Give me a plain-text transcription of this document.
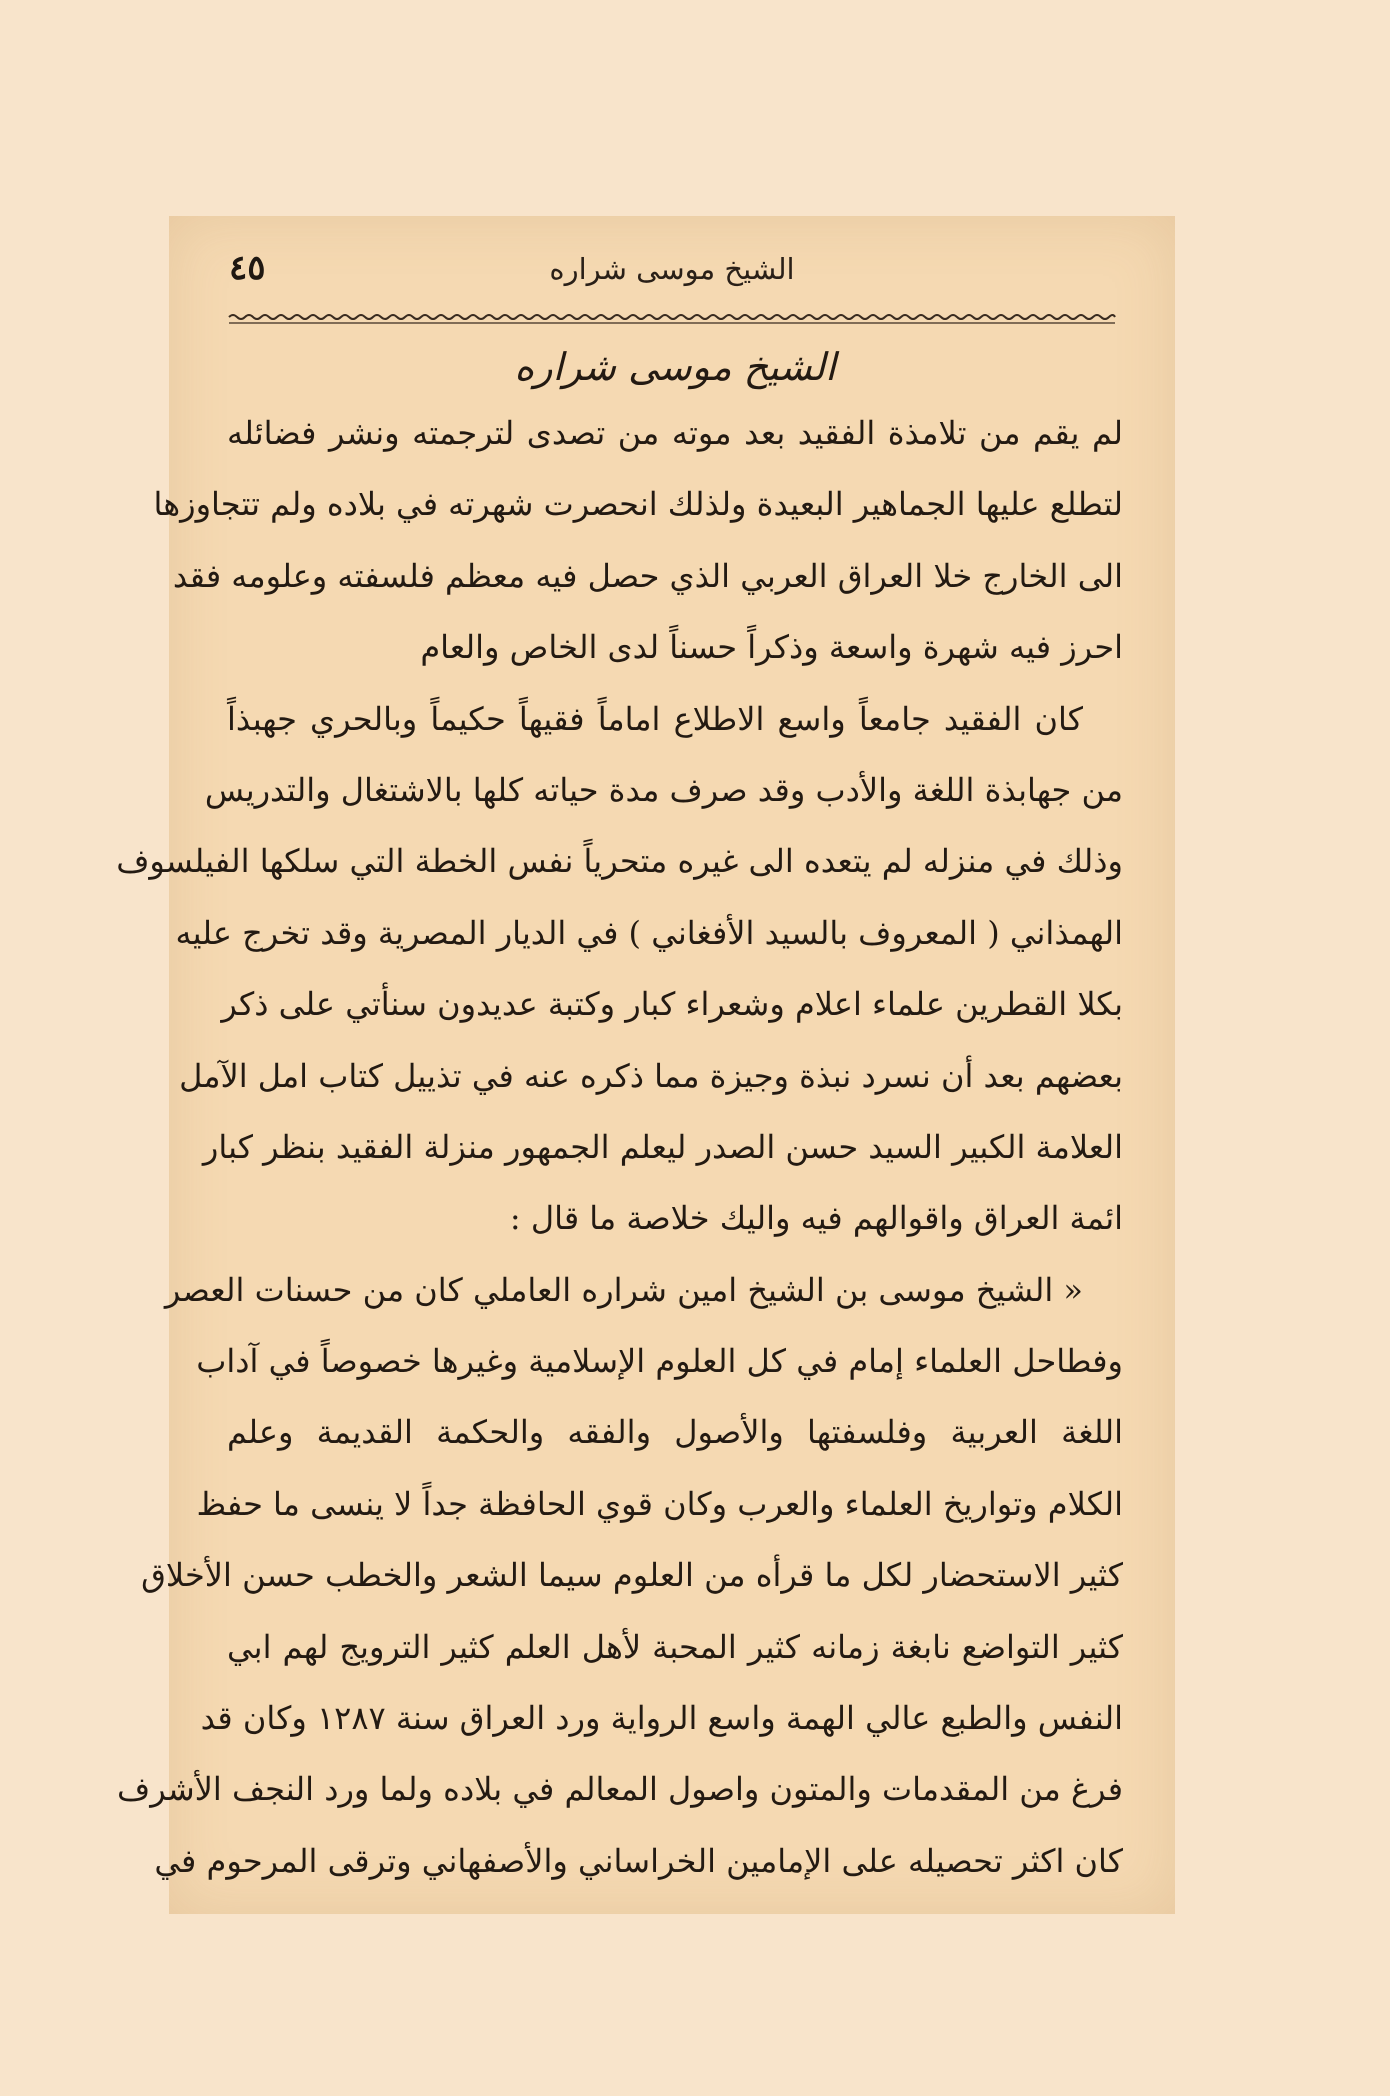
الشيخ موسى شراره
٤٥
الشيخ موسى شراره
لم يقم من تلامذة الفقيد بعد موته من تصدى لترجمته ونشر فضائله
لتطلع عليها الجماهير البعيدة ولذلك انحصرت شهرته في بلاده ولم تتجاوزها
الى الخارج خلا العراق العربي الذي حصل فيه معظم فلسفته وعلومه فقد
احرز فيه شهرة واسعة وذكراً حسناً لدى الخاص والعام
كان الفقيد جامعاً واسع الاطلاع اماماً فقيهاً حكيماً وبالحري جهبذاً
من جهابذة اللغة والأدب وقد صرف مدة حياته كلها بالاشتغال والتدريس
وذلك في منزله لم يتعده الى غيره متحرياً نفس الخطة التي سلكها الفيلسوف
الهمذاني ( المعروف بالسيد الأفغاني ) في الديار المصرية وقد تخرج عليه
بكلا القطرين علماء اعلام وشعراء كبار وكتبة عديدون سنأتي على ذكر
بعضهم بعد أن نسرد نبذة وجيزة مما ذكره عنه في تذييل كتاب امل الآمل
العلامة الكبير السيد حسن الصدر ليعلم الجمهور منزلة الفقيد بنظر كبار
ائمة العراق واقوالهم فيه واليك خلاصة ما قال :
« الشيخ موسى بن الشيخ امين شراره العاملي كان من حسنات العصر
وفطاحل العلماء إمام في كل العلوم الإسلامية وغيرها خصوصاً في آداب
اللغة العربية وفلسفتها والأصول والفقه والحكمة القديمة وعلم
الكلام وتواريخ العلماء والعرب وكان قوي الحافظة جداً لا ينسى ما حفظ
كثير الاستحضار لكل ما قرأه من العلوم سيما الشعر والخطب حسن الأخلاق
كثير التواضع نابغة زمانه كثير المحبة لأهل العلم كثير الترويج لهم ابي
النفس والطبع عالي الهمة واسع الرواية ورد العراق سنة ١٢٨٧ وكان قد
فرغ من المقدمات والمتون واصول المعالم في بلاده ولما ورد النجف الأشرف
كان اكثر تحصيله على الإمامين الخراساني والأصفهاني وترقى المرحوم في
